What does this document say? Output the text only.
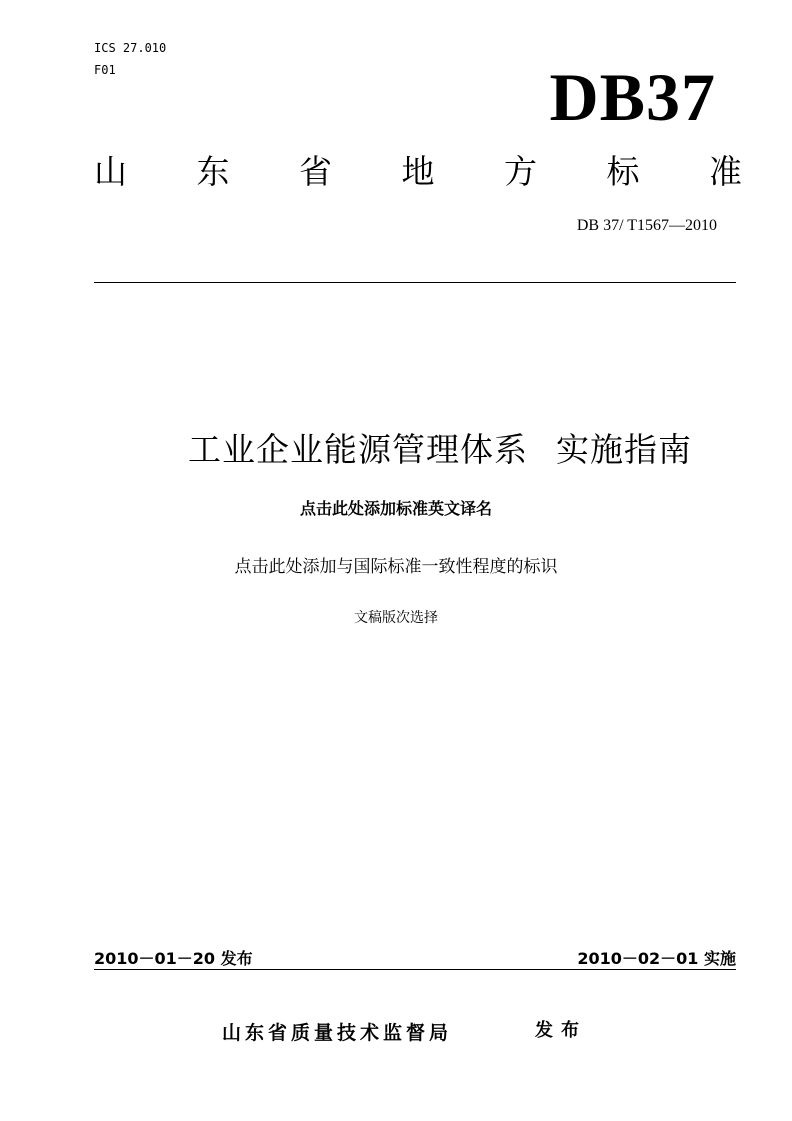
ICS 27.010
F01	DB37
山 东 省 地 方 标 准
DB 37/ T1567—2010
工业企业能源管理体系 实施指南
点击此处添加标准英文译名
点击此处添加与国际标准一致性程度的标识
文稿版次选择
2010－01－20 发布	2010－02－01 实施
山东省质量技术监督局	发布
